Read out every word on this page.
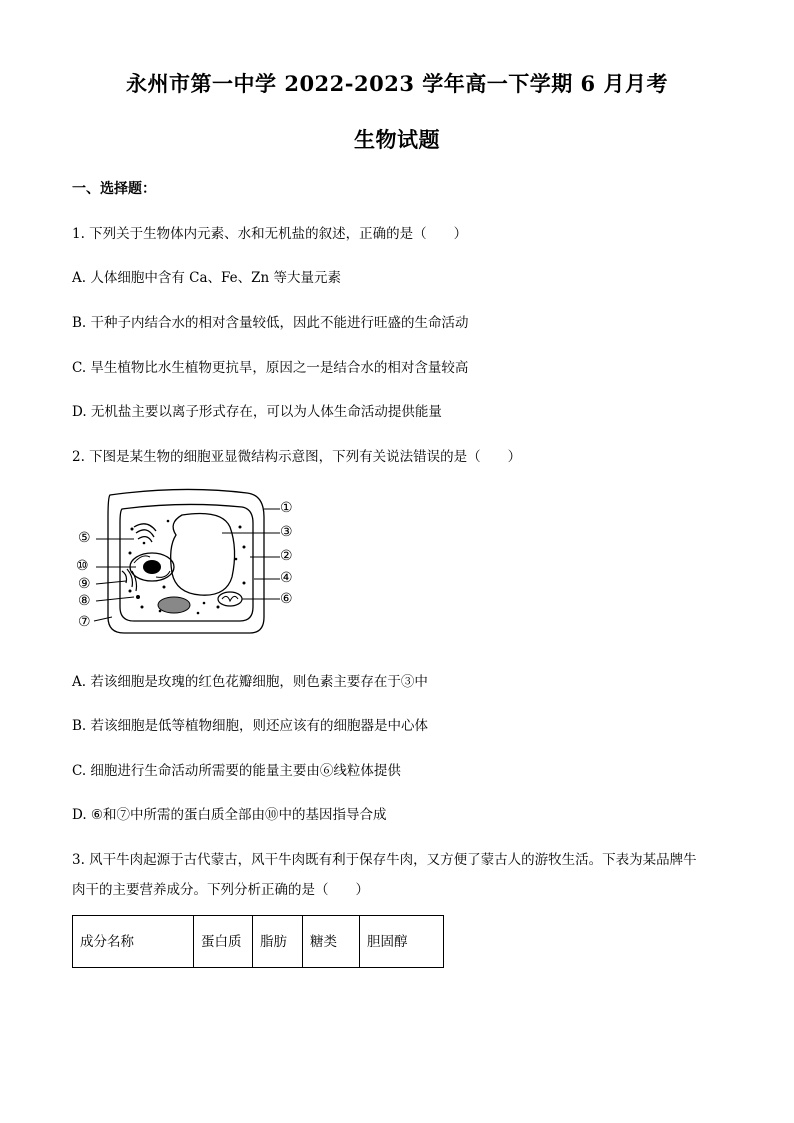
永州市第一中学 2022-2023 学年高一下学期 6 月月考
生物试题
一、选择题：
1. 下列关于生物体内元素、水和无机盐的叙述，正确的是（　　）
A. 人体细胞中含有 Ca、Fe、Zn 等大量元素
B. 干种子内结合水的相对含量较低，因此不能进行旺盛的生命活动
C. 旱生植物比水生植物更抗旱，原因之一是结合水的相对含量较高
D. 无机盐主要以离子形式存在，可以为人体生命活动提供能量
2. 下图是某生物的细胞亚显微结构示意图，下列有关说法错误的是（　　）
①
③
②
④
⑥
⑤
⑩
⑨
⑧
⑦
A. 若该细胞是玫瑰的红色花瓣细胞，则色素主要存在于③中
B. 若该细胞是低等植物细胞，则还应该有的细胞器是中心体
C. 细胞进行生命活动所需要的能量主要由⑥线粒体提供
D. ⑥和⑦中所需的蛋白质全部由⑩中的基因指导合成
3. 风干牛肉起源于古代蒙古，风干牛肉既有利于保存牛肉，又方便了蒙古人的游牧生活。下表为某品牌牛
肉干的主要营养成分。下列分析正确的是（　　）
成分名称	蛋白质	脂肪	糖类	胆固醇
